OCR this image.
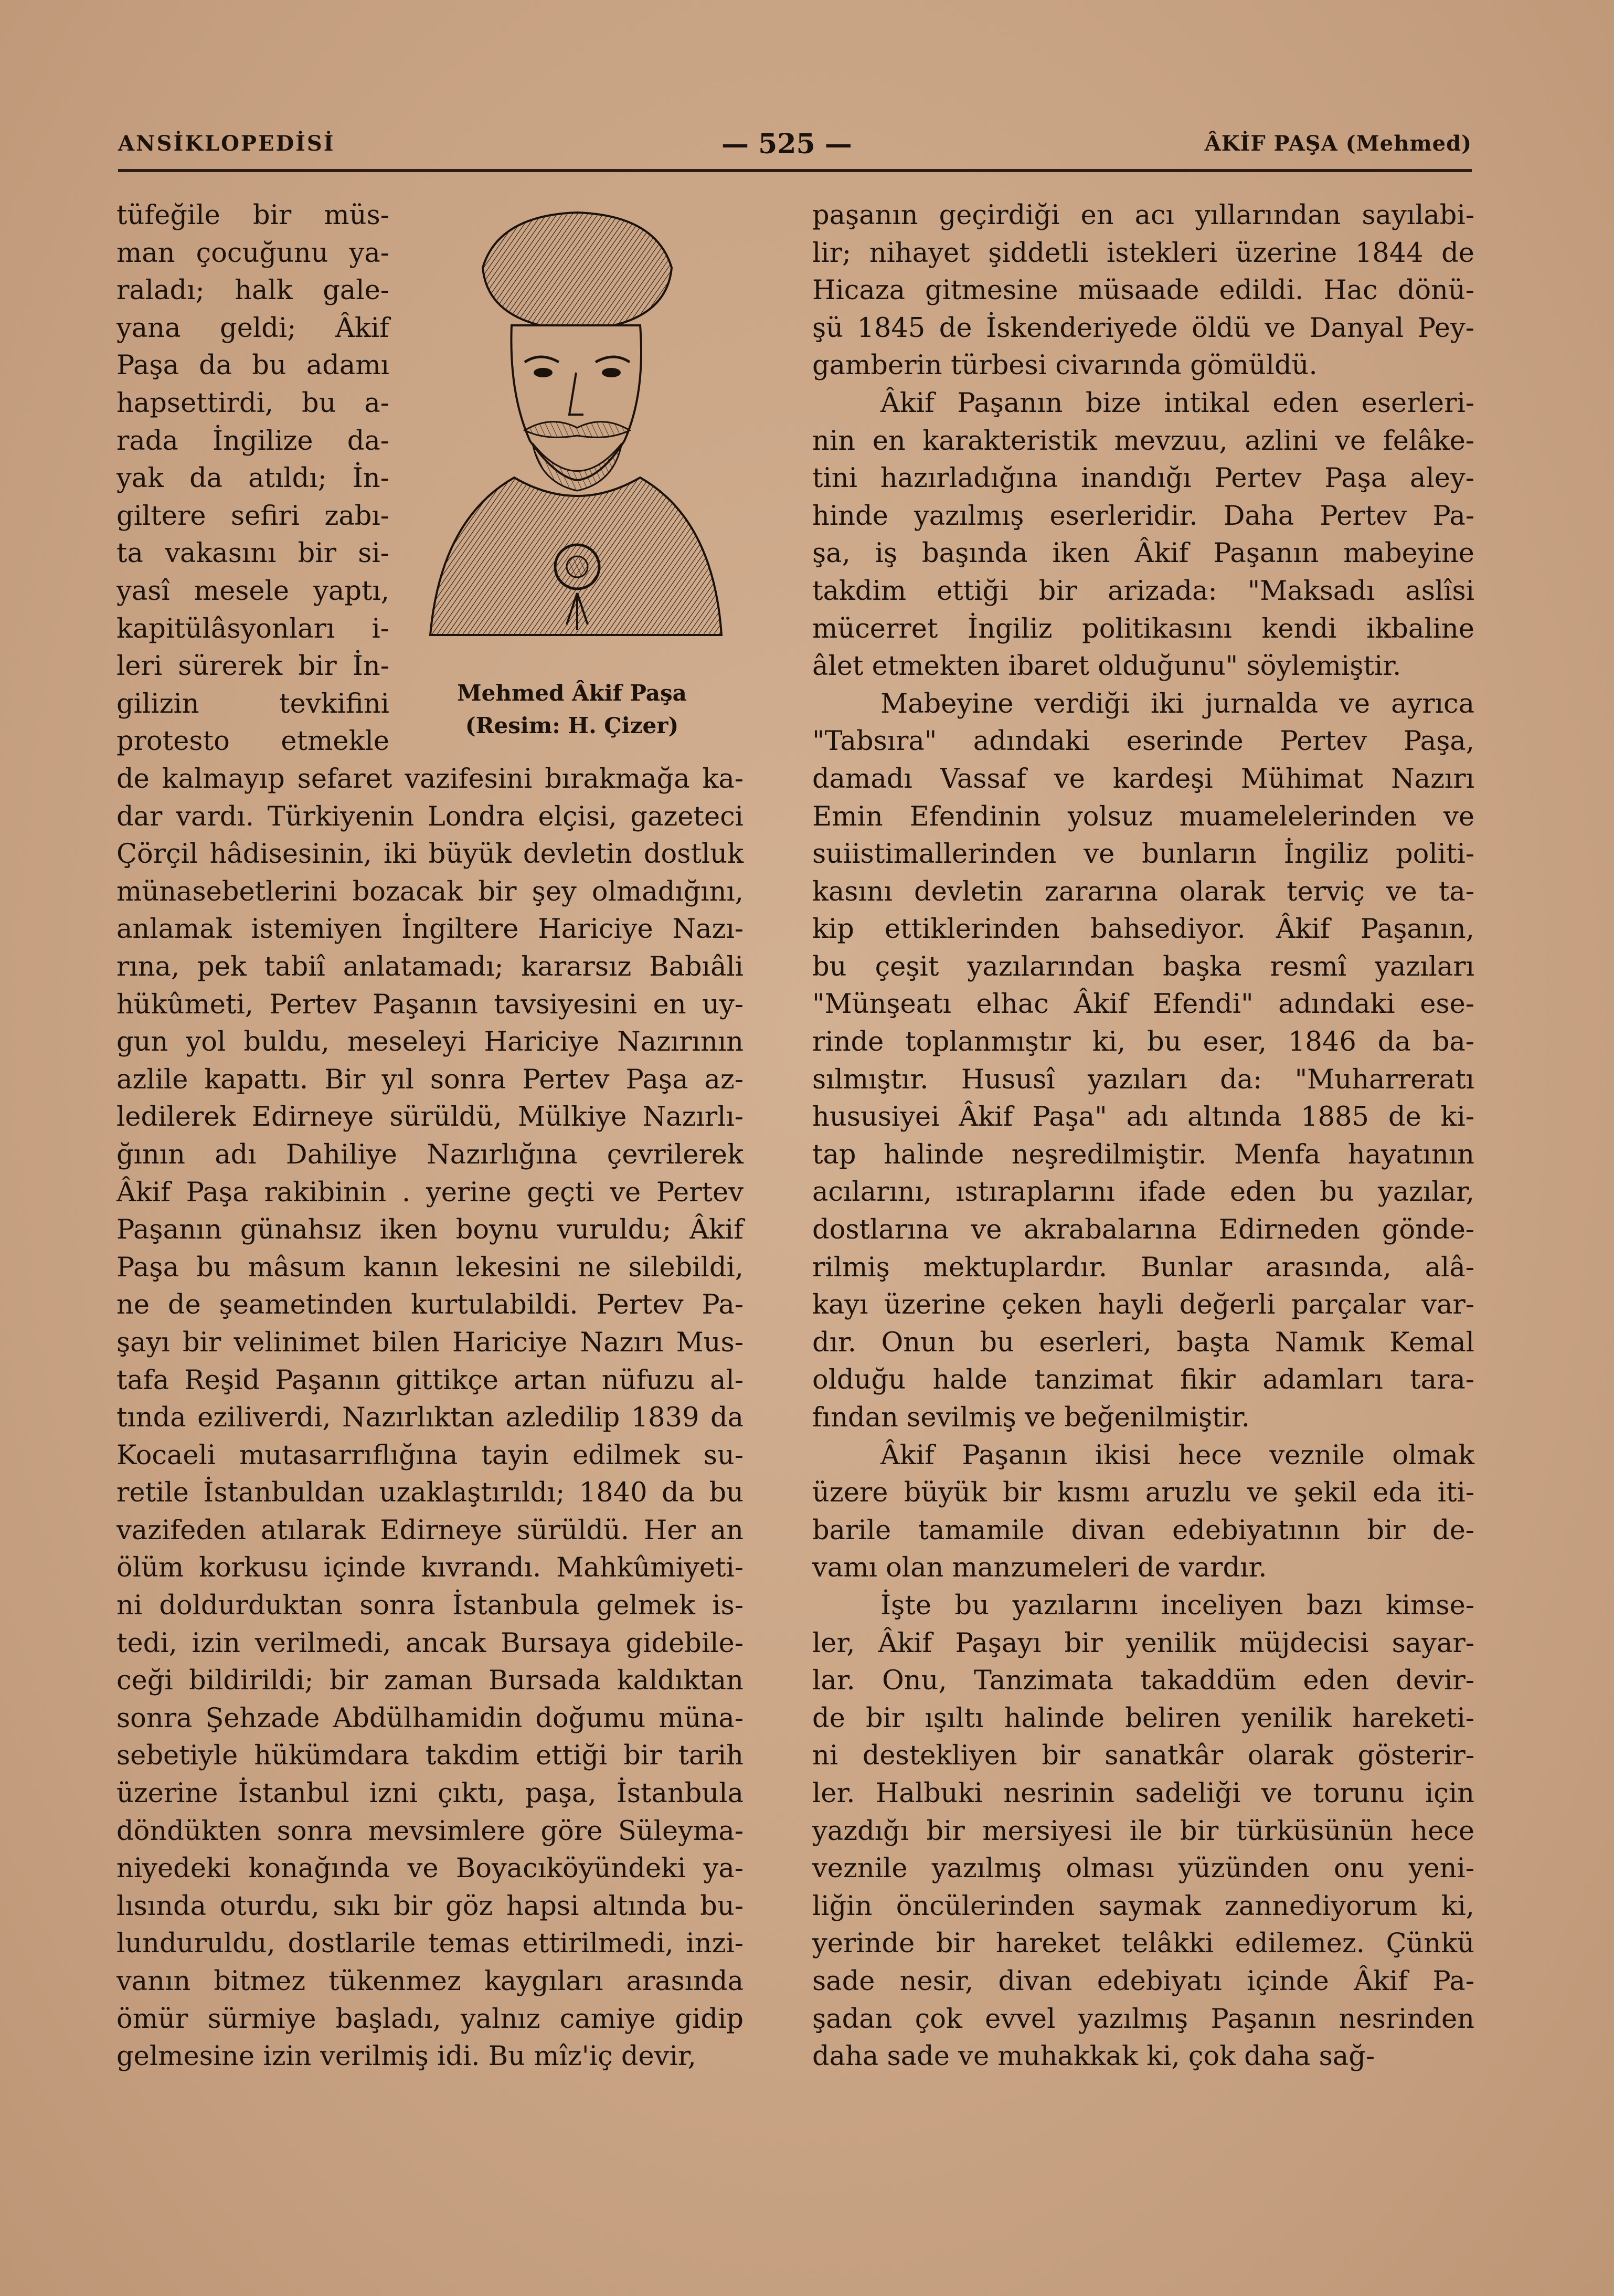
ANSİKLOPEDİSİ	— 525 —	ÂKİF PAŞA (Mehmed)
tüfeğile bir müs-
man çocuğunu ya-
raladı; halk gale-
yana geldi; Âkif
Paşa da bu adamı
hapsettirdi, bu a-
rada İngilize da-
yak da atıldı; İn-
giltere sefiri zabı-
ta vakasını bir si-
yasî mesele yaptı,
kapitülâsyonları i-
leri sürerek bir İn-
gilizin tevkifini
protesto etmekle
Mehmed Âkif Paşa
(Resim: H. Çizer)
de kalmayıp sefaret vazifesini bırakmağa ka-
dar vardı. Türkiyenin Londra elçisi, gazeteci
Çörçil hâdisesinin, iki büyük devletin dostluk
münasebetlerini bozacak bir şey olmadığını,
anlamak istemiyen İngiltere Hariciye Nazı-
rına, pek tabiî anlatamadı; kararsız Babıâli
hükûmeti, Pertev Paşanın tavsiyesini en uy-
gun yol buldu, meseleyi Hariciye Nazırının
azlile kapattı. Bir yıl sonra Pertev Paşa az-
ledilerek Edirneye sürüldü, Mülkiye Nazırlı-
ğının adı Dahiliye Nazırlığına çevrilerek
Âkif Paşa rakibinin . yerine geçti ve Pertev
Paşanın günahsız iken boynu vuruldu; Âkif
Paşa bu mâsum kanın lekesini ne silebildi,
ne de şeametinden kurtulabildi. Pertev Pa-
şayı bir velinimet bilen Hariciye Nazırı Mus-
tafa Reşid Paşanın gittikçe artan nüfuzu al-
tında eziliverdi, Nazırlıktan azledilip 1839 da
Kocaeli mutasarrıflığına tayin edilmek su-
retile İstanbuldan uzaklaştırıldı; 1840 da bu
vazifeden atılarak Edirneye sürüldü. Her an
ölüm korkusu içinde kıvrandı. Mahkûmiyeti-
ni doldurduktan sonra İstanbula gelmek is-
tedi, izin verilmedi, ancak Bursaya gidebile-
ceği bildirildi; bir zaman Bursada kaldıktan
sonra Şehzade Abdülhamidin doğumu müna-
sebetiyle hükümdara takdim ettiği bir tarih
üzerine İstanbul izni çıktı, paşa, İstanbula
döndükten sonra mevsimlere göre Süleyma-
niyedeki konağında ve Boyacıköyündeki ya-
lısında oturdu, sıkı bir göz hapsi altında bu-
lunduruldu, dostlarile temas ettirilmedi, inzi-
vanın bitmez tükenmez kaygıları arasında
ömür sürmiye başladı, yalnız camiye gidip
gelmesine izin verilmiş idi. Bu mîz'iç devir,
paşanın geçirdiği en acı yıllarından sayılabi-
lir; nihayet şiddetli istekleri üzerine 1844 de
Hicaza gitmesine müsaade edildi. Hac dönü-
şü 1845 de İskenderiyede öldü ve Danyal Pey-
gamberin türbesi civarında gömüldü.
Âkif Paşanın bize intikal eden eserleri-
nin en karakteristik mevzuu, azlini ve felâke-
tini hazırladığına inandığı Pertev Paşa aley-
hinde yazılmış eserleridir. Daha Pertev Pa-
şa, iş başında iken Âkif Paşanın mabeyine
takdim ettiği bir arizada: "Maksadı aslîsi
mücerret İngiliz politikasını kendi ikbaline
âlet etmekten ibaret olduğunu" söylemiştir.
Mabeyine verdiği iki jurnalda ve ayrıca
"Tabsıra" adındaki eserinde Pertev Paşa,
damadı Vassaf ve kardeşi Mühimat Nazırı
Emin Efendinin yolsuz muamelelerinden ve
suiistimallerinden ve bunların İngiliz politi-
kasını devletin zararına olarak terviç ve ta-
kip ettiklerinden bahsediyor. Âkif Paşanın,
bu çeşit yazılarından başka resmî yazıları
"Münşeatı elhac Âkif Efendi" adındaki ese-
rinde toplanmıştır ki, bu eser, 1846 da ba-
sılmıştır. Hususî yazıları da: "Muharreratı
hususiyei Âkif Paşa" adı altında 1885 de ki-
tap halinde neşredilmiştir. Menfa hayatının
acılarını, ıstıraplarını ifade eden bu yazılar,
dostlarına ve akrabalarına Edirneden gönde-
rilmiş mektuplardır. Bunlar arasında, alâ-
kayı üzerine çeken hayli değerli parçalar var-
dır. Onun bu eserleri, başta Namık Kemal
olduğu halde tanzimat fikir adamları tara-
fından sevilmiş ve beğenilmiştir.
Âkif Paşanın ikisi hece veznile olmak
üzere büyük bir kısmı aruzlu ve şekil eda iti-
barile tamamile divan edebiyatının bir de-
vamı olan manzumeleri de vardır.
İşte bu yazılarını inceliyen bazı kimse-
ler, Âkif Paşayı bir yenilik müjdecisi sayar-
lar. Onu, Tanzimata takaddüm eden devir-
de bir ışıltı halinde beliren yenilik hareketi-
ni destekliyen bir sanatkâr olarak gösterir-
ler. Halbuki nesrinin sadeliği ve torunu için
yazdığı bir mersiyesi ile bir türküsünün hece
veznile yazılmış olması yüzünden onu yeni-
liğin öncülerinden saymak zannediyorum ki,
yerinde bir hareket telâkki edilemez. Çünkü
sade nesir, divan edebiyatı içinde Âkif Pa-
şadan çok evvel yazılmış Paşanın nesrinden
daha sade ve muhakkak ki, çok daha sağ-
